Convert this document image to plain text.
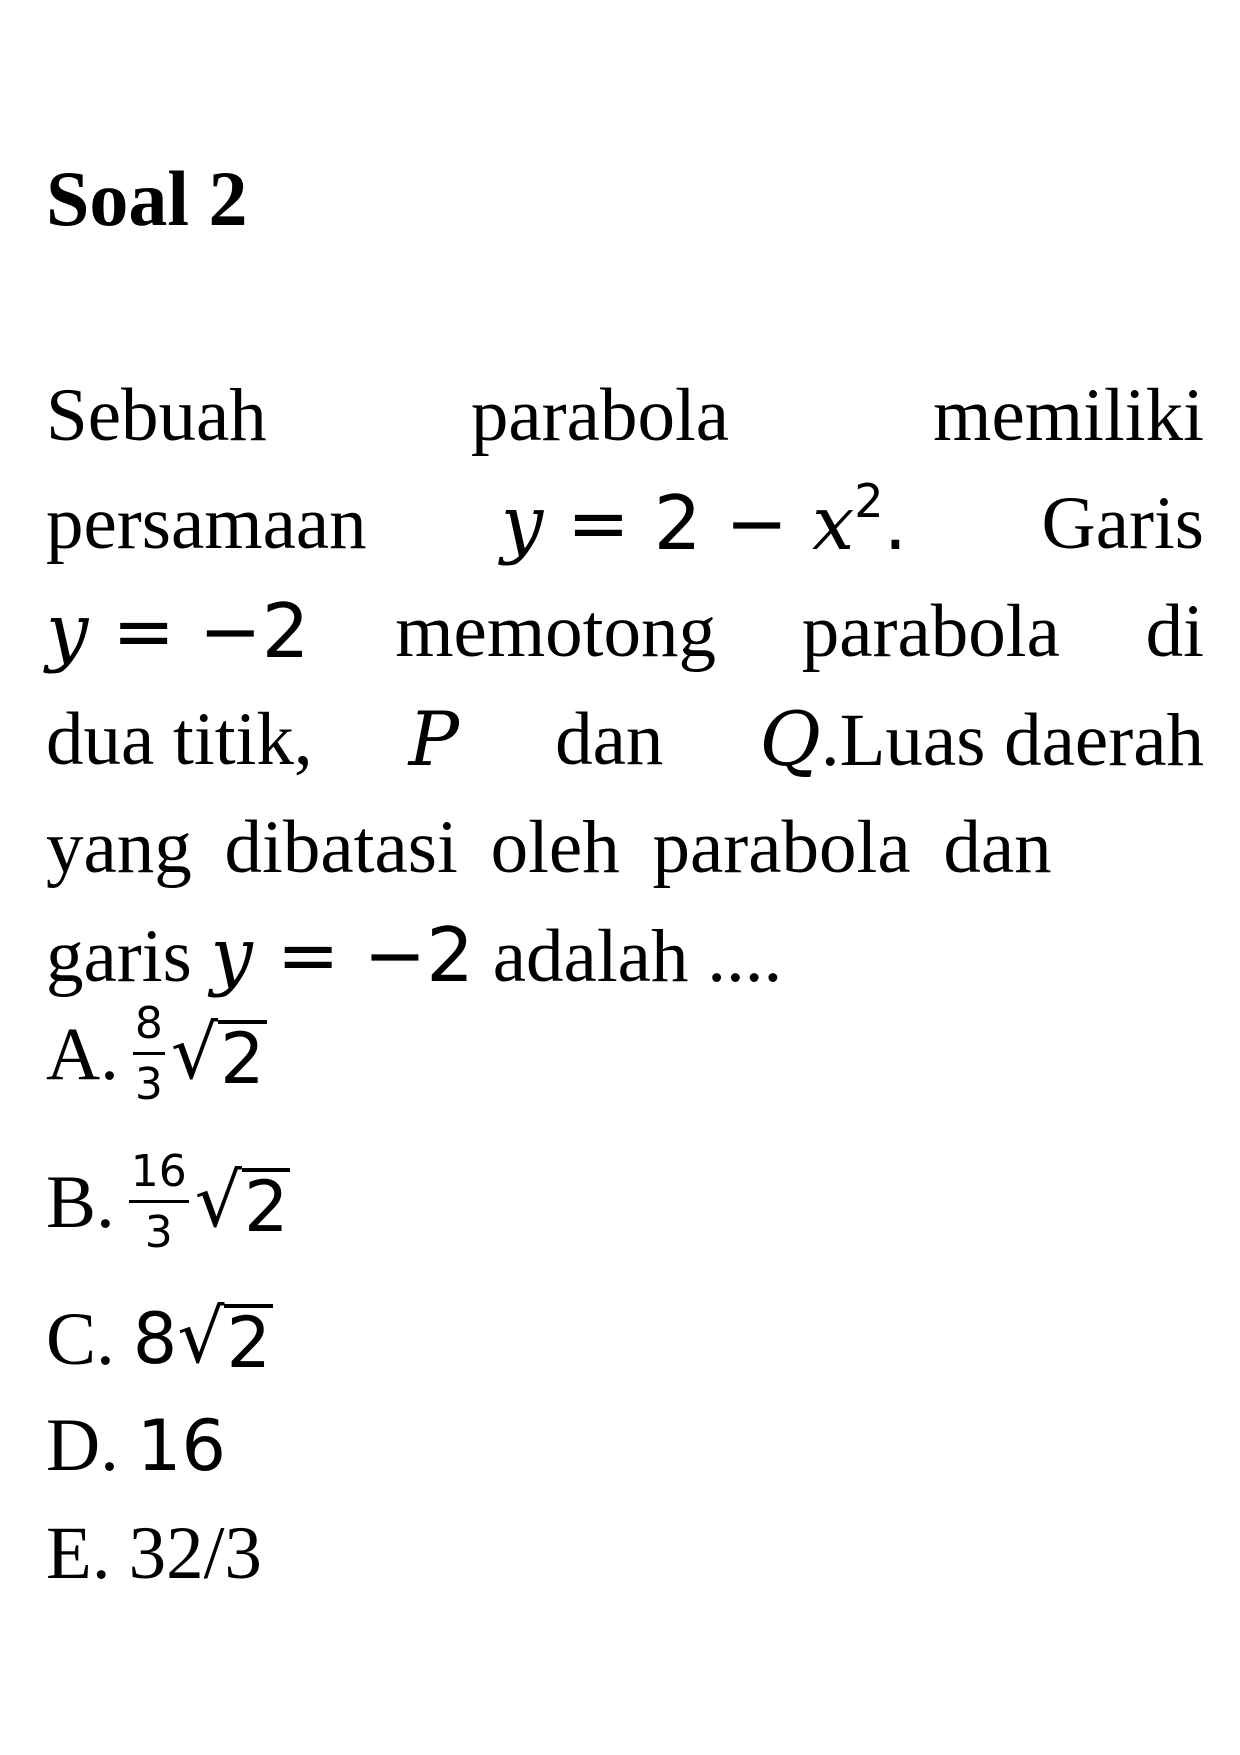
Soal 2
Sebuah	parabola	memiliki
persamaan $y = 2 - x^2$. Garis
y = −2 memotong parabola di
dua titik, P dan Q.Luas daerah
yang dibatasi oleh parabola dan
garis y = −2 adalah ....
A. $\frac{8}{3}$ √ 2
B. $\frac{16}{3}$ √ 2
C. 8 √ 2
D. 16
E. 32/3
